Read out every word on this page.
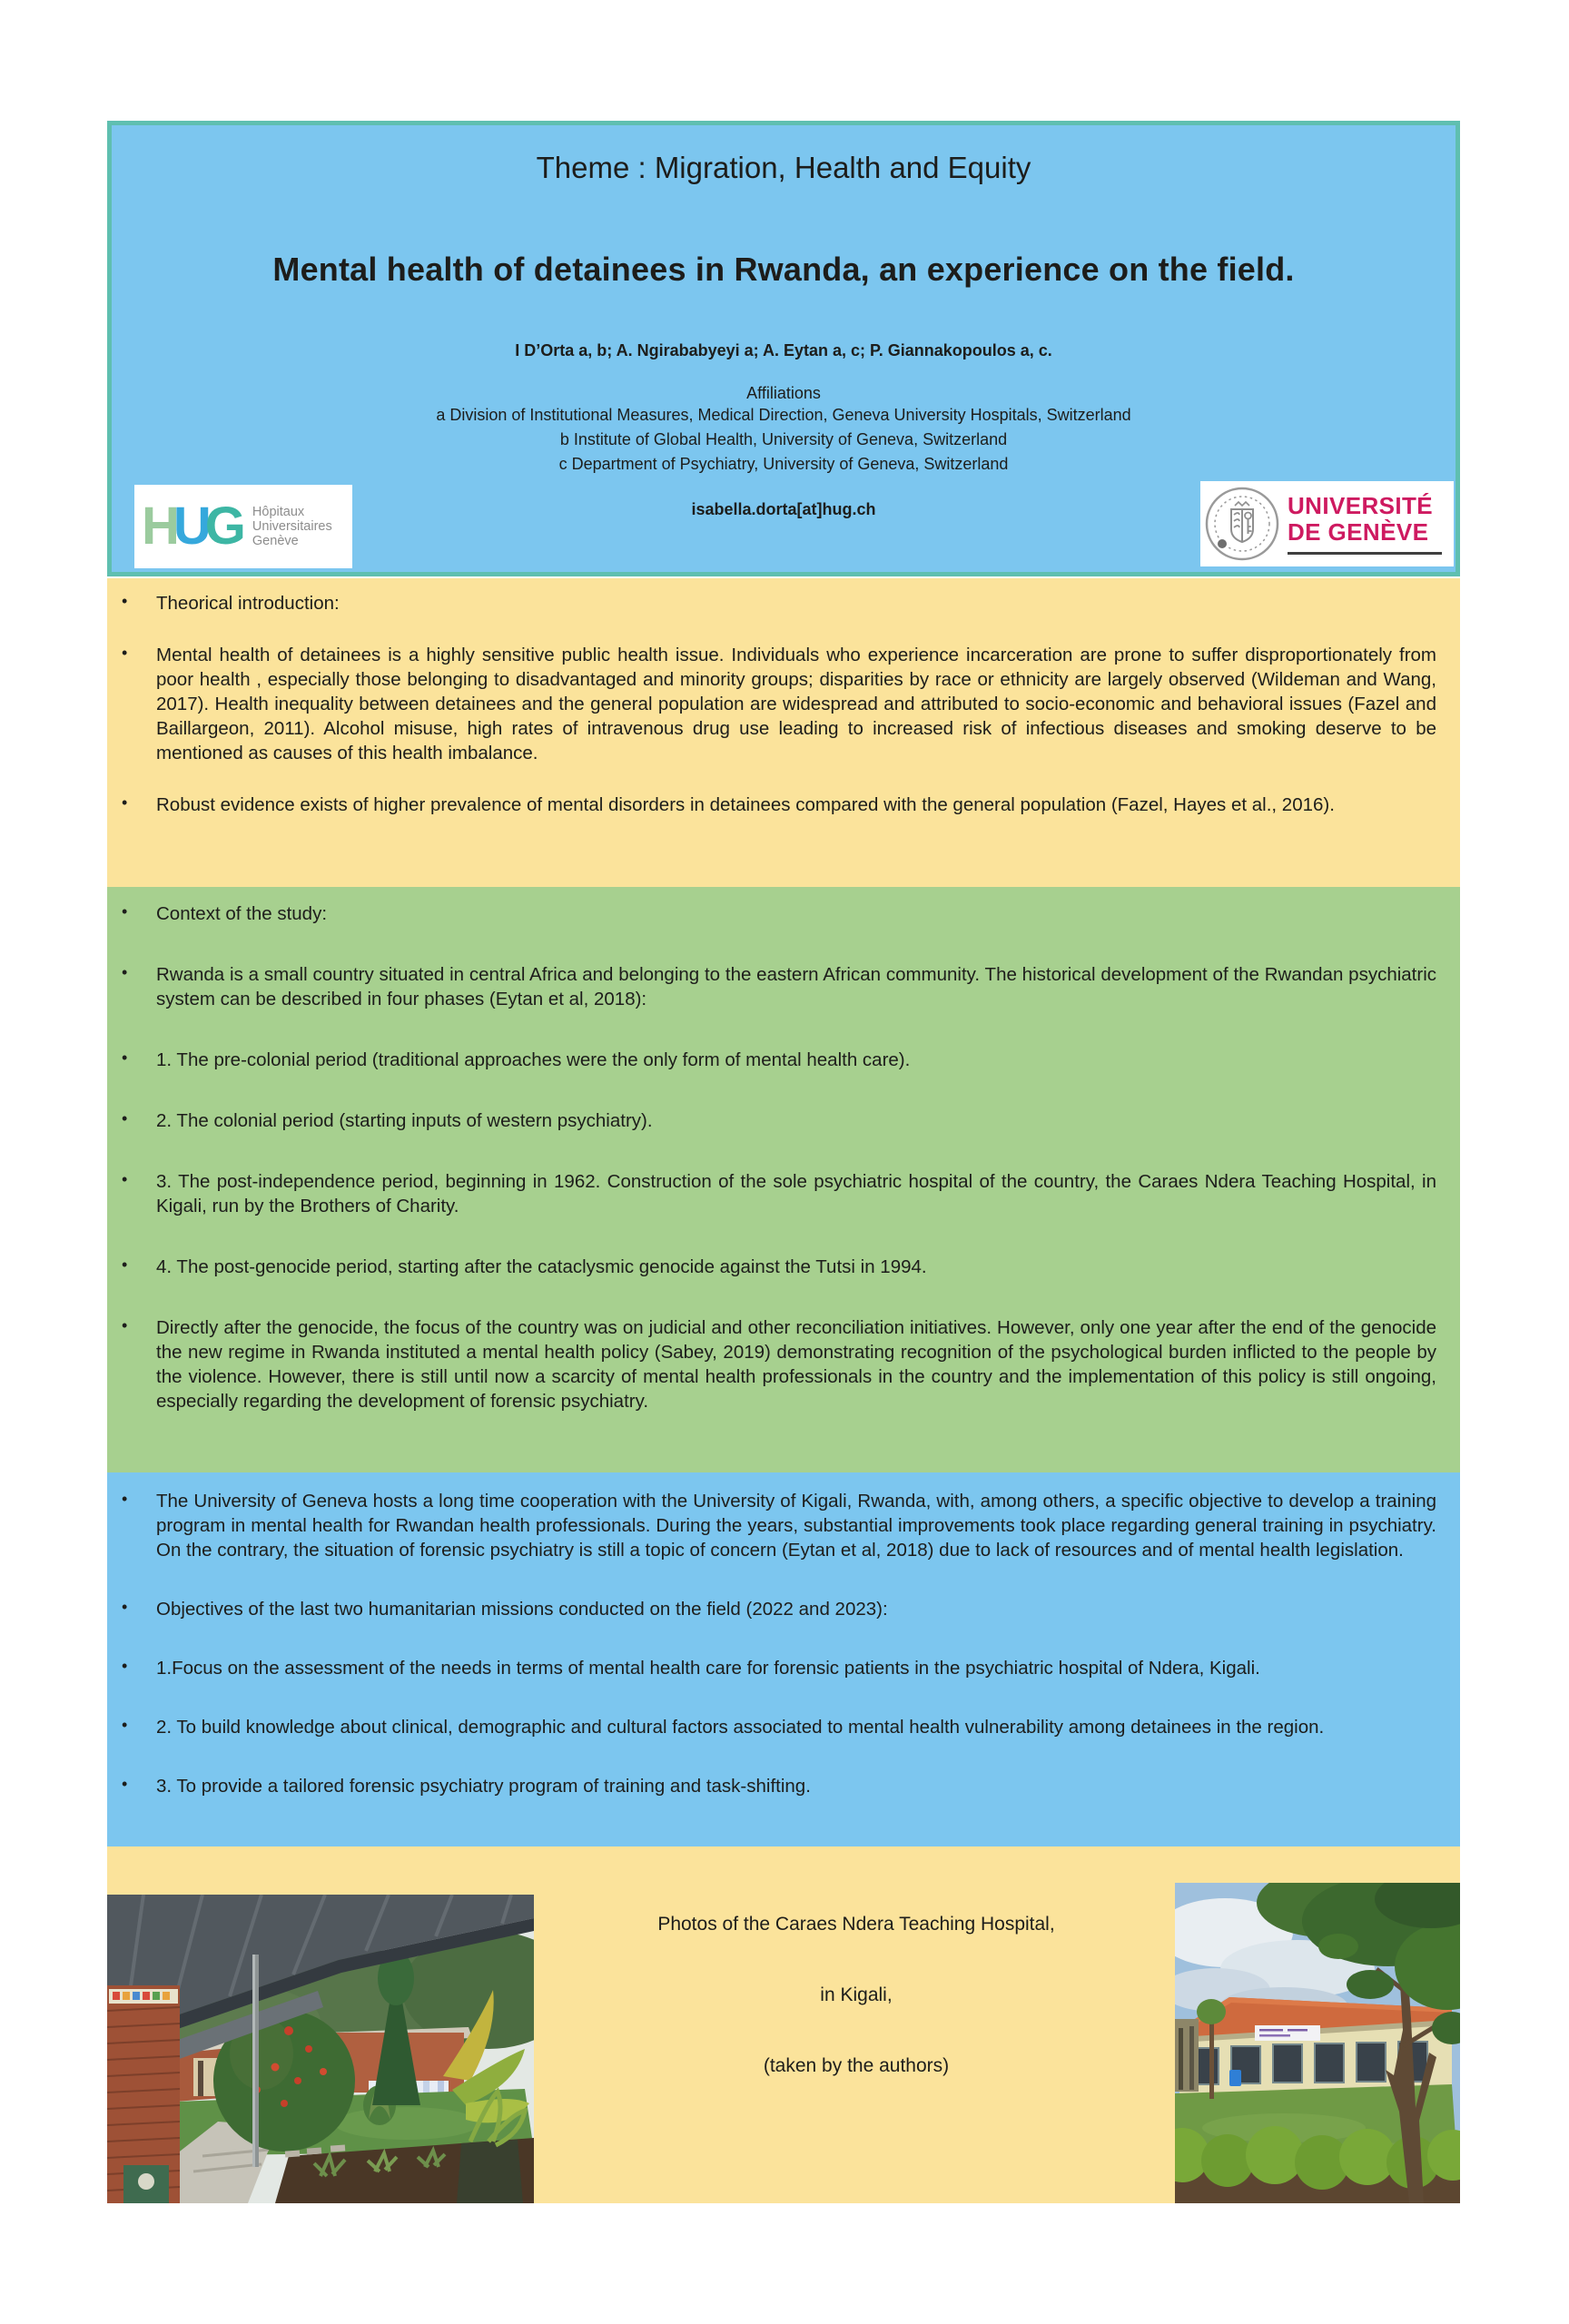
Theme : Migration, Health and Equity
Mental health of detainees in Rwanda, an experience on the field.
I D’Orta a, b; A. Ngirababyeyi a; A. Eytan a, c; P. Giannakopoulos a, c.
Affiliations
a Division of Institutional Measures, Medical Direction, Geneva University Hospitals, Switzerland
b Institute of Global Health, University of Geneva, Switzerland
c Department of Psychiatry, University of Geneva, Switzerland
isabella.dorta[at]hug.ch
HUG Hôpitaux
Universitaires
Genève
UNIVERSITÉ
DE GENÈVE

• Theorical introduction:

• Mental health of detainees is a highly sensitive public health issue. Individuals who experience incarceration are prone to suffer disproportionately from poor health , especially those belonging to disadvantaged and minority groups; disparities by race or ethnicity are largely observed (Wildeman and Wang, 2017). Health inequality between detainees and the general population are widespread and attributed to socio-economic and behavioral issues (Fazel and Baillargeon, 2011). Alcohol misuse, high rates of intravenous drug use leading to increased risk of infectious diseases and smoking deserve to be mentioned as causes of this health imbalance.

• Robust evidence exists of higher prevalence of mental disorders in detainees compared with the general population (Fazel, Hayes et al., 2016).

• Context of the study:

• Rwanda is a small country situated in central Africa and belonging to the eastern African community. The historical development of the Rwandan psychiatric system can be described in four phases (Eytan et al, 2018):

• 1. The pre-colonial period (traditional approaches were the only form of mental health care).

• 2. The colonial period (starting inputs of western psychiatry).

• 3. The post-independence period, beginning in 1962. Construction of the sole psychiatric hospital of the country, the Caraes Ndera Teaching Hospital, in Kigali, run by the Brothers of Charity.

• 4. The post-genocide period, starting after the cataclysmic genocide against the Tutsi in 1994.

• Directly after the genocide, the focus of the country was on judicial and other reconciliation initiatives. However, only one year after the end of the genocide the new regime in Rwanda instituted a mental health policy (Sabey, 2019) demonstrating recognition of the psychological burden inflicted to the people by the violence. However, there is still until now a scarcity of mental health professionals in the country and the implementation of this policy is still ongoing, especially regarding the development of forensic psychiatry.

• The University of Geneva hosts a long time cooperation with the University of Kigali, Rwanda, with, among others, a specific objective to develop a training program in mental health for Rwandan health professionals. During the years, substantial improvements took place regarding general training in psychiatry. On the contrary, the situation of forensic psychiatry is still a topic of concern (Eytan et al, 2018) due to lack of resources and of mental health legislation.

• Objectives of the last two humanitarian missions conducted on the field (2022 and 2023):

• 1.Focus on the assessment of the needs in terms of mental health care for forensic patients in the psychiatric hospital of Ndera, Kigali.

• 2. To build knowledge about clinical, demographic and cultural factors associated to mental health vulnerability among detainees in the region.

• 3. To provide a tailored forensic psychiatry program of training and task-shifting.

Photos of the Caraes Ndera Teaching Hospital,

in Kigali,

(taken by the authors)
